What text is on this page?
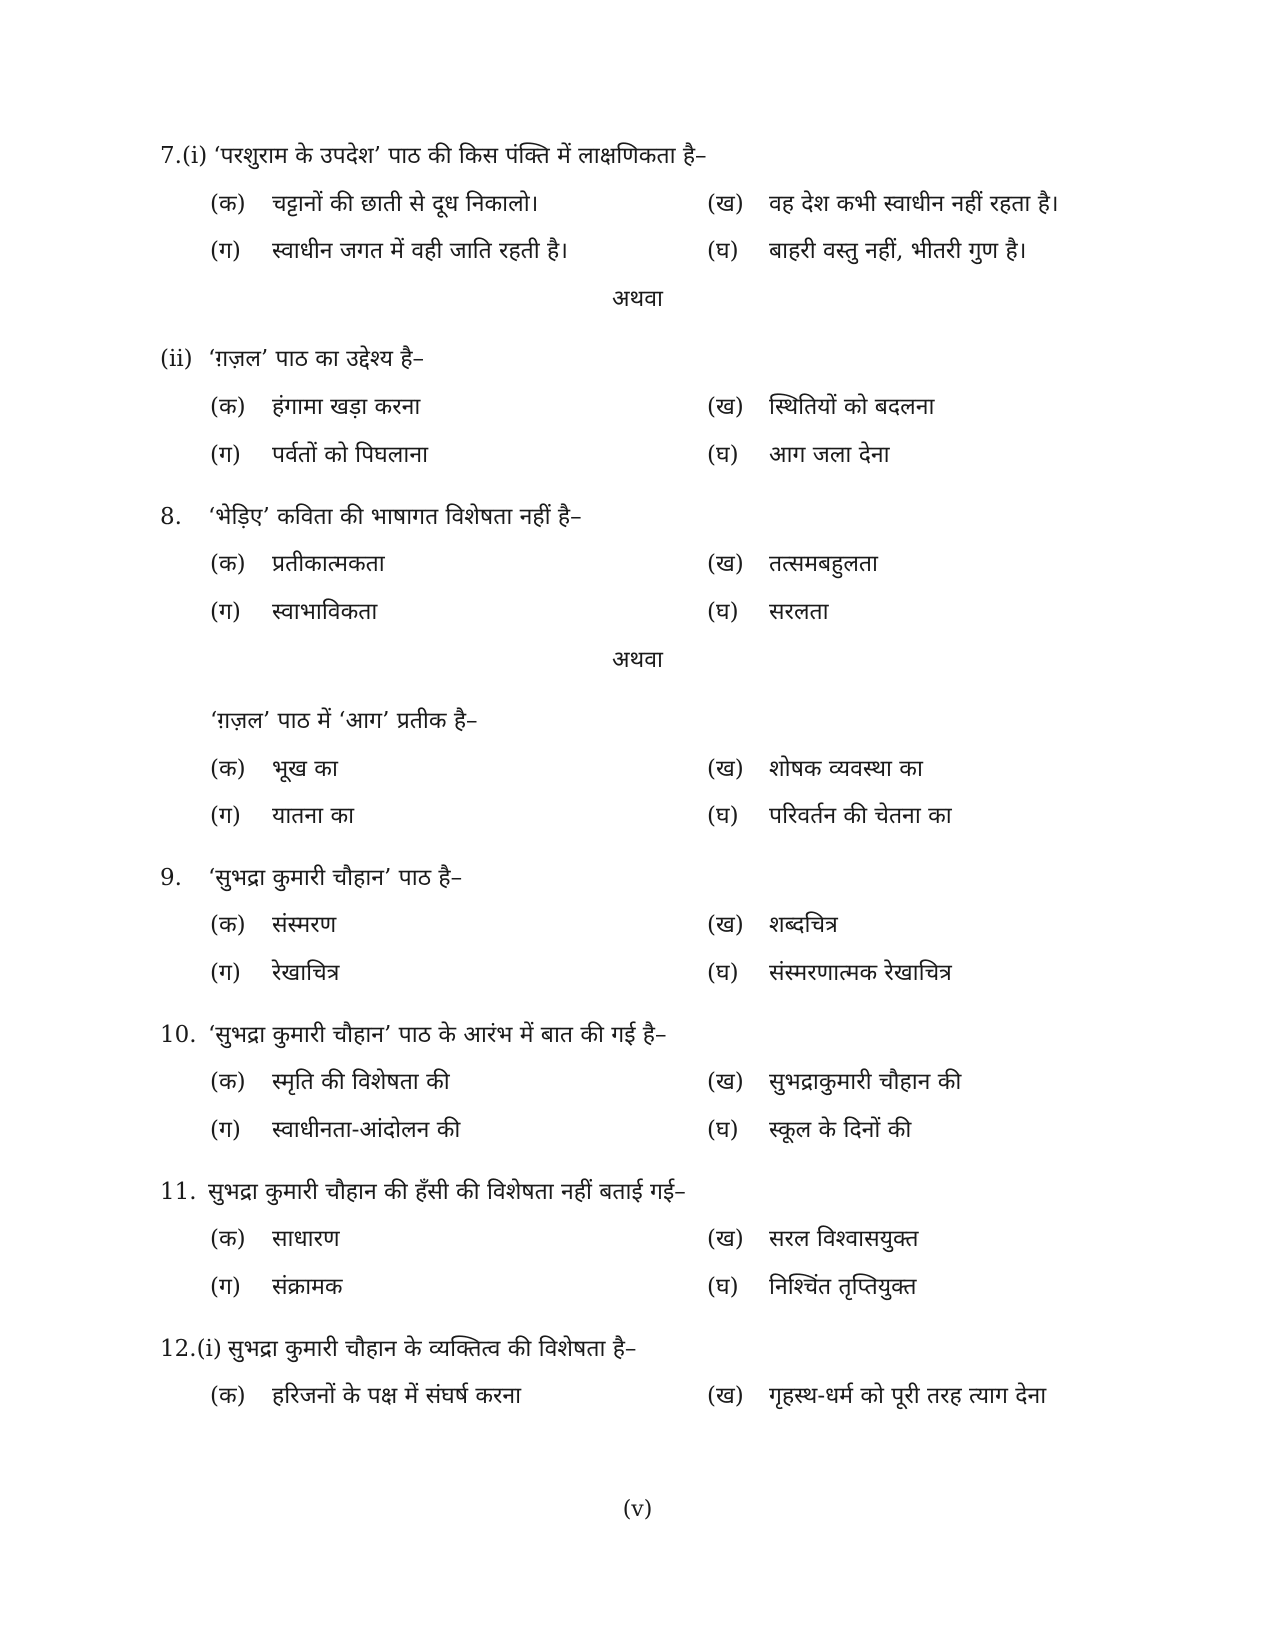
7.(i) ‘परशुराम के उपदेश’ पाठ की किस पंक्ति में लाक्षणिकता है–
(क)	चट्टानों की छाती से दूध निकालो।	(ख)	वह देश कभी स्वाधीन नहीं रहता है।
(ग)	स्वाधीन जगत में वही जाति रहती है।	(घ)	बाहरी वस्तु नहीं, भीतरी गुण है।
अथवा
(ii) ‘ग़ज़ल’ पाठ का उद्देश्य है–
(क)	हंगामा खड़ा करना	(ख)	स्थितियों को बदलना
(ग)	पर्वतों को पिघलाना	(घ)	आग जला देना
8.	‘भेड़िए’ कविता की भाषागत विशेषता नहीं है–
(क)	प्रतीकात्मकता	(ख)	तत्समबहुलता
(ग)	स्वाभाविकता	(घ)	सरलता
अथवा
‘ग़ज़ल’ पाठ में ‘आग’ प्रतीक है–
(क)	भूख का	(ख)	शोषक व्यवस्था का
(ग)	यातना का	(घ)	परिवर्तन की चेतना का
9.	‘सुभद्रा कुमारी चौहान’ पाठ है–
(क)	संस्मरण	(ख)	शब्दचित्र
(ग)	रेखाचित्र	(घ)	संस्मरणात्मक रेखाचित्र
10. ‘सुभद्रा कुमारी चौहान’ पाठ के आरंभ में बात की गई है–
(क)	स्मृति की विशेषता की	(ख)	सुभद्राकुमारी चौहान की
(ग)	स्वाधीनता-आंदोलन की	(घ)	स्कूल के दिनों की
11. सुभद्रा कुमारी चौहान की हँसी की विशेषता नहीं बताई गई–
(क)	साधारण	(ख)	सरल विश्वासयुक्त
(ग)	संक्रामक	(घ)	निश्चिंत तृप्तियुक्त
12.(i) सुभद्रा कुमारी चौहान के व्यक्तित्व की विशेषता है–
(क)	हरिजनों के पक्ष में संघर्ष करना	(ख)	गृहस्थ-धर्म को पूरी तरह त्याग देना
(v)
